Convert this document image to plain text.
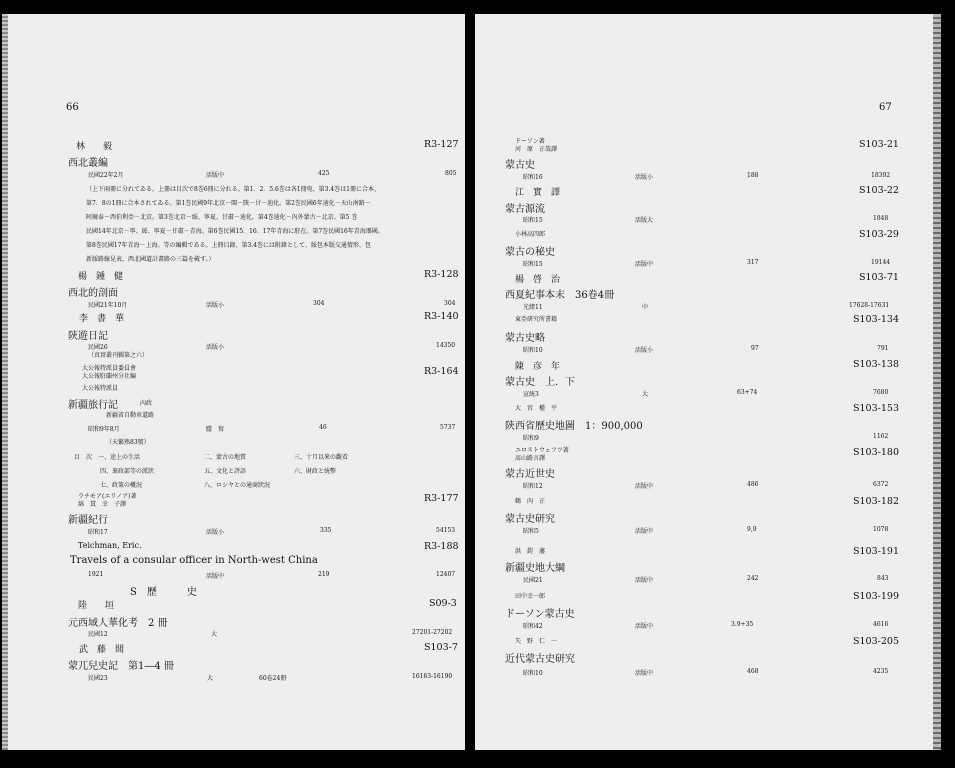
66
林　　毅	R3-127
西北叢編
民國22年2月	活版中	425	805
（上下兩冊に分れてゐる。上冊は目次で8巻6冊に分れる。第1．2．5.6巻は各1冊宛、第3.4巻は1冊に合本、
第7．8の1冊に合本されてゐる。第1巻民國9年北京－閩－陝－甘－迪化。第2巻民國6年迪化－天山南路－
阿爾泰－西伯利亞－北京。第3巻北京－綏、寧夏、甘肅－迪化。第4巻迪化－內外蒙古－北京。第5 巻
民國14年北京－寧、綏、寧夏－甘肅－青海。第6巻民國15．16．17年青海に駐在。第7巻民國16年青海瑯國。
第8巻民國17年青海－上海。等の編輯である。上冊目錄、第3.4巻には附錄として、綏包本版交通情形、包
新綏路線見表、西北國道計畫路の三篇を載す。）
楊　鍾　健	R3-128
西北的剖面
民國21年10月	活版小	304	304
李　書　華	R3-140
陝遊日記
民國26	活版小	14350
（真實叢刊輯第之六）
大公報特派員委員會	R3-164
大公報駐蘭州分社編
大公報特派員
新疆旅行記	內政
新疆省自動車道路
昭和9年8月	謄　寫	46	5737
（天繁熟83號）
目　次　一、途上の生活	二、蒙古の地質	三、十月以來の觀看
四、裏政部等の派狀	五、文化と評語	六、財政と統幣
七、政策の概況	八、ロシヤとの通商狀況
ラチモア(エリノア)著	R3-177
綿　貫　幸　子譯
新疆紀行
昭和17	活版小	335	54153
Teichman, Eric.	R3-188
Travels of a consular officer in North-west China
1921	活版中	219	12407
S　歷　　　史
陸　　垣	S09-3
元西域人華化考　2 冊
民國12	大	27201-27202
武　藤　間	S103-7
蒙兀兒史記　第1―4 冊
民國23	大	60卷24冊	16163-16190
67
ドーソン著	S103-21
河　原　正哉譯
蒙古史
昭和16	活版小	188	18392
江　實　譯	S103-22
蒙古源流
昭和15	活版大	1848
小林高四郎	S103-29
蒙古の秘史
昭和15	活版中	317	19144
楊　啓　治	S103-71
西夏紀事本末　36卷4冊
光緒11	中	17628-17631
東亞研究所書籍	S103-134
蒙古史略
昭和10	活版小	97	791
陳　彦　年	S103-138
蒙古史　上．下
宣統3	大	63+74	7680
大　宮　權　平	S103-153
陝西省歷史地圖　1：900,000
昭和9	1162
ユロストウェフツ著	S103-180
髙山路言譯
蒙古近世史
昭和12	活版中	486	6372
鶴　內　正	S103-182
蒙古史研究
昭和5	活版中	9,9	1078
洪　鈞　藩	S103-191
新疆史地大綱
民國21	活版中	242	843
田中幸一郎	S103-199
ドーソン蒙古史
昭和42	活版中	3.9+35	4616
矢　野　仁　一	S103-205
近代蒙古史研究
昭和10	活版中	468	4235
